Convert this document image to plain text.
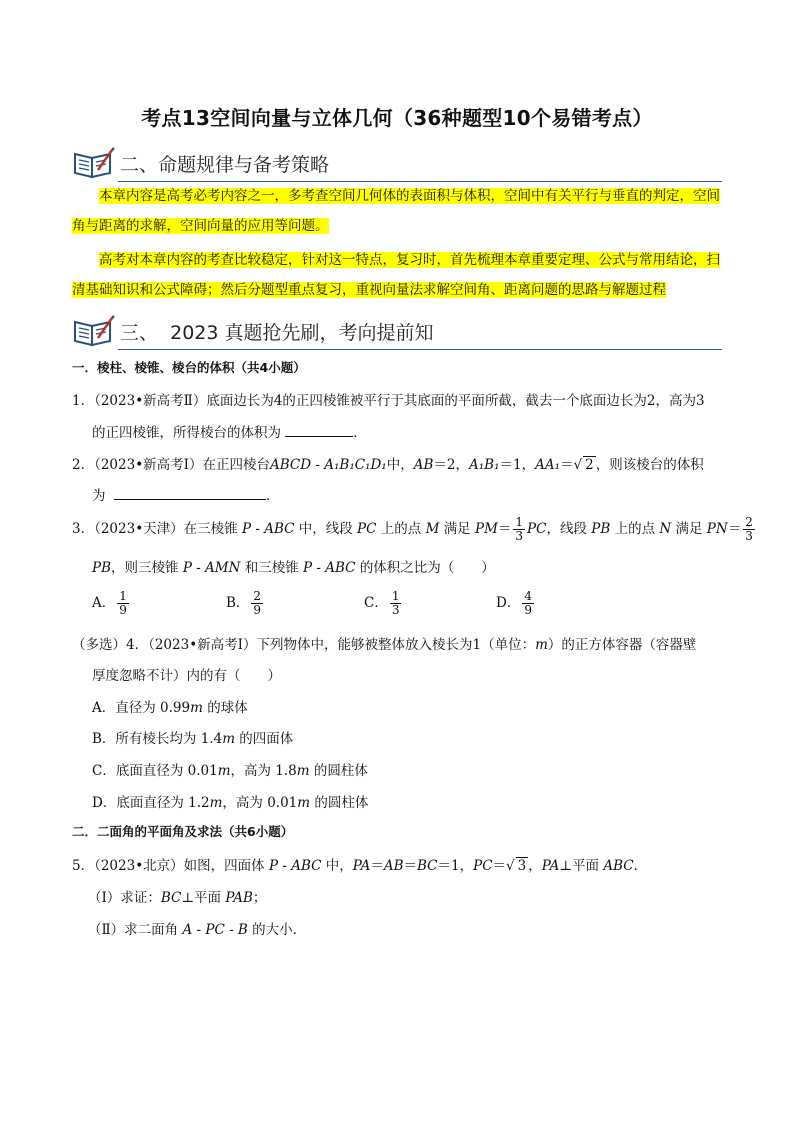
考点13空间向量与立体几何（36种题型10个易错考点）
二、命题规律与备考策略
本章内容是高考必考内容之一，多考查空间几何体的表面积与体积，空间中有关平行与垂直的判定，空间角与距离的求解，空间向量的应用等问题。
高考对本章内容的考查比较稳定，针对这一特点，复习时，首先梳理本章重要定理、公式与常用结论，扫清基础知识和公式障碍；然后分题型重点复习，重视向量法求解空间角、距离问题的思路与解题过程
三、 2023 真题抢先刷，考向提前知
一．棱柱、棱锥、棱台的体积（共4小题）
1．（2023•新高考Ⅱ）底面边长为4的正四棱锥被平行于其底面的平面所截，截去一个底面边长为2，高为3
的正四棱锥，所得棱台的体积为	．
2．（2023•新高考Ⅰ）在正四棱台ABCD - A₁B₁C₁D₁中，AB＝2，A₁B₁＝1，AA₁＝√ 2 ，则该棱台的体积
为	．
3．（2023•天津）在三棱锥 P - ABC 中，线段 PC 上的点 M 满足 $PM= \frac{1}{3}$ PC，线段 PB 上的点 N 满足 $PN= \frac{2}{3}$
PB，则三棱锥 P - AMN 和三棱锥 P - ABC 的体积之比为（　　）
A． $\frac{1}{9}$	B． $\frac{2}{9}$	C． $\frac{1}{3}$	D． $\frac{4}{9}$
（多选）4．（2023•新高考Ⅰ）下列物体中，能够被整体放入棱长为1（单位：m）的正方体容器（容器壁
厚度忽略不计）内的有（　　）
A．直径为 0.99m 的球体
B．所有棱长均为 1.4m 的四面体
C．底面直径为 0.01m，高为 1.8m 的圆柱体
D．底面直径为 1.2m，高为 0.01m 的圆柱体
二．二面角的平面角及求法（共6小题）
5．（2023•北京）如图，四面体 P - ABC 中，PA＝AB＝BC＝1，PC＝√ 3 ，PA⊥平面 ABC．
（Ⅰ）求证：BC⊥平面 PAB；
（Ⅱ）求二面角 A - PC - B 的大小．
